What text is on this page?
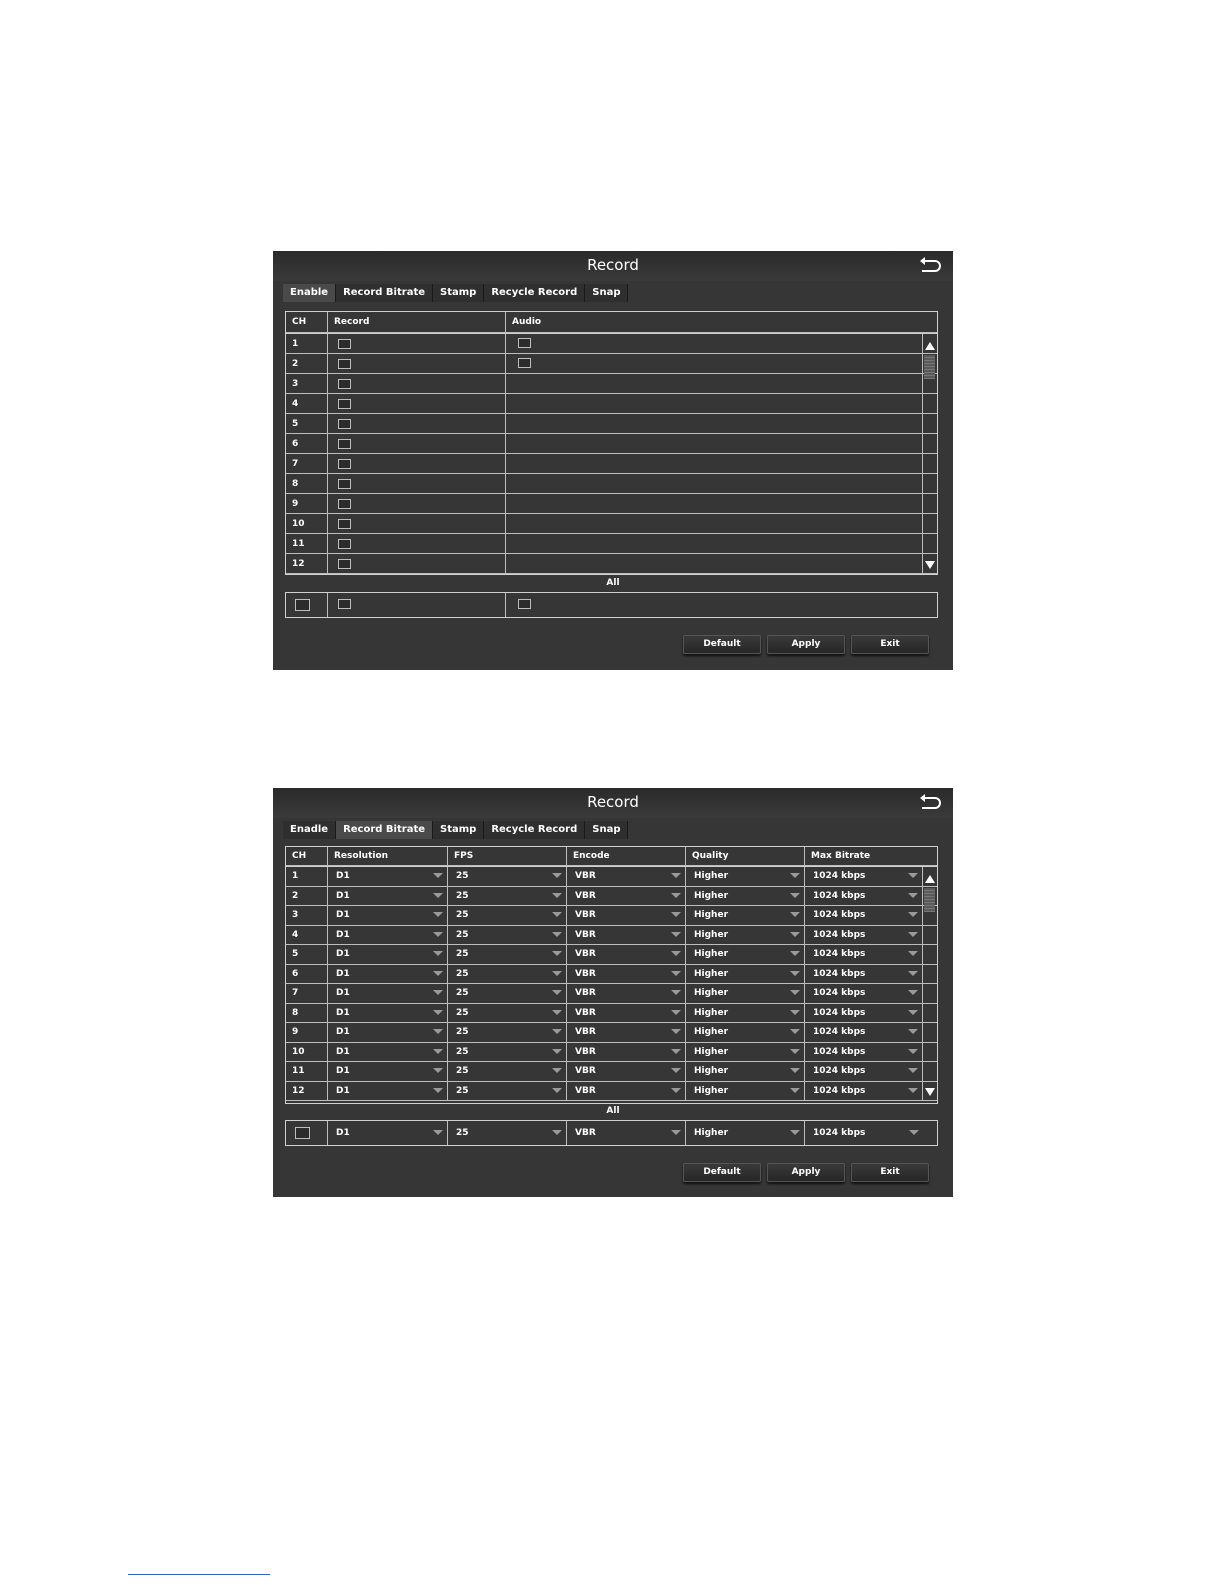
Record
Enable	Record Bitrate	Stamp	Recycle Record	Snap
CH	Record	Audio
1
2
3
4
5
6
7
8
9
10
11
12
All
Default	Apply	Exit
Record
Enadle	Record Bitrate	Stamp	Recycle Record	Snap
CH	Resolution	FPS	Encode	Quality	Max Bitrate
1	D1	25	VBR	Higher	1024 kbps
2	D1	25	VBR	Higher	1024 kbps
3	D1	25	VBR	Higher	1024 kbps
4	D1	25	VBR	Higher	1024 kbps
5	D1	25	VBR	Higher	1024 kbps
6	D1	25	VBR	Higher	1024 kbps
7	D1	25	VBR	Higher	1024 kbps
8	D1	25	VBR	Higher	1024 kbps
9	D1	25	VBR	Higher	1024 kbps
10	D1	25	VBR	Higher	1024 kbps
11	D1	25	VBR	Higher	1024 kbps
12	D1	25	VBR	Higher	1024 kbps
All
D1	25	VBR	Higher	1024 kbps
Default	Apply	Exit
